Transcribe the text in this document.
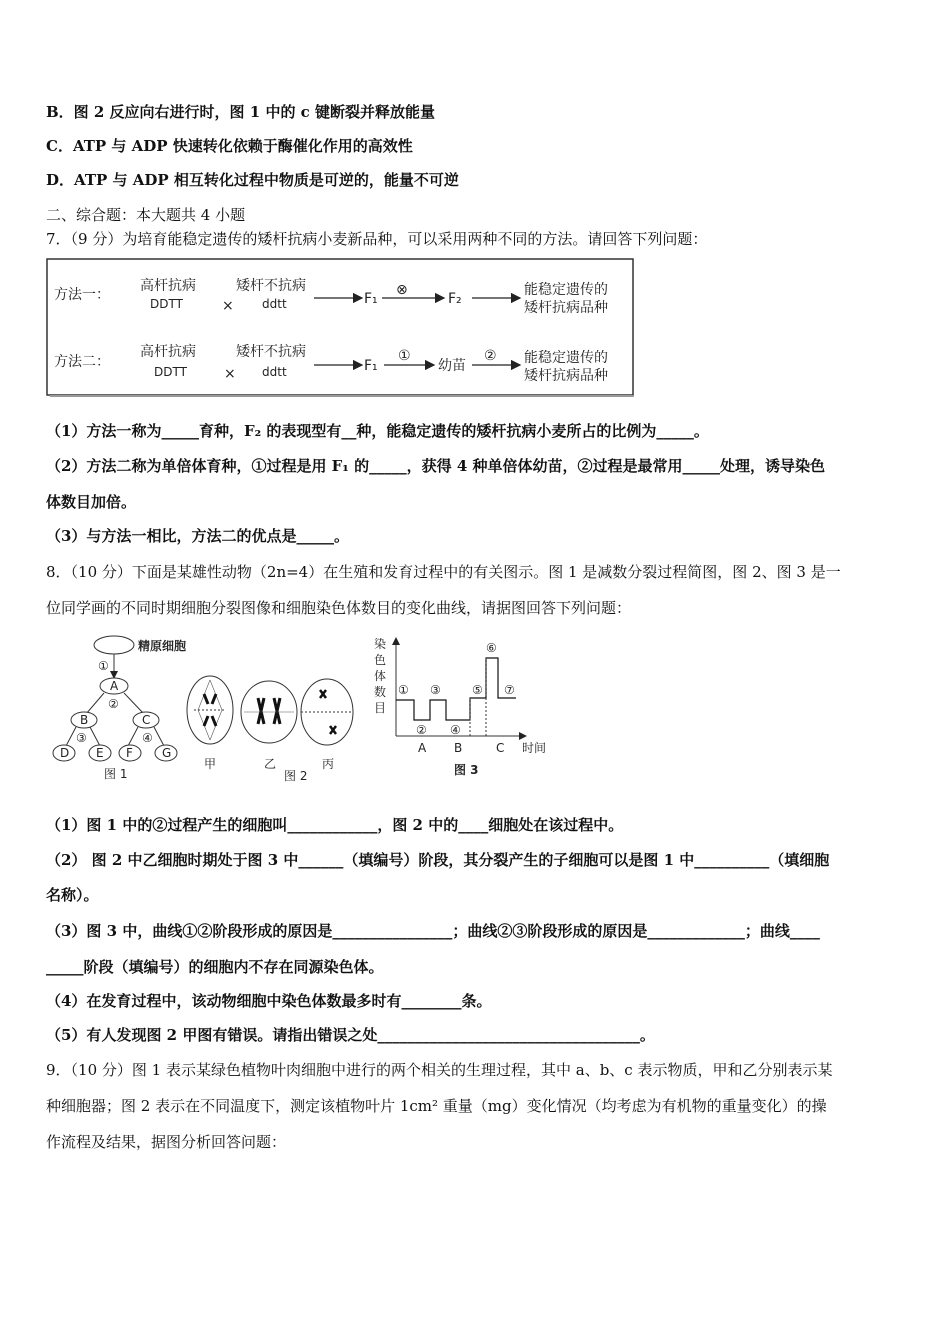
B．图 2 反应向右进行时，图 1 中的 c 键断裂并释放能量
C．ATP 与 ADP 快速转化依赖于酶催化作用的高效性
D．ATP 与 ADP 相互转化过程中物质是可逆的，能量不可逆
二、综合题：本大题共 4 小题
7．（9 分）为培育能稳定遗传的矮杆抗病小麦新品种，可以采用两种不同的方法。请回答下列问题：
方法一：
高杆抗病
DDTT	×
矮杆不抗病
ddtt	F₁
⊗
F₂
能稳定遗传的
矮杆抗病品种
方法二：
高杆抗病
DDTT	×
矮杆不抗病
ddtt	F₁
①
幼苗
② 能稳定遗传的
矮杆抗病品种
（1）方法一称为_____育种，F₂ 的表现型有__种，能稳定遗传的矮杆抗病小麦所占的比例为_____。
（2）方法二称为单倍体育种，①过程是用 F₁ 的_____，获得 4 种单倍体幼苗，②过程是最常用_____处理，诱导染色
体数目加倍。
（3）与方法一相比，方法二的优点是_____。
8．（10 分）下面是某雄性动物（2n=4）在生殖和发育过程中的有关图示。图 1 是减数分裂过程简图，图 2、图 3 是一
位同学画的不同时期细胞分裂图像和细胞染色体数目的变化曲线，请据图回答下列问题：
精原细胞
①
A
②
B	C
③	④
D E F G
图 1
甲	乙
图 2
丙
染
色
体
数
目
①
②
③
④
⑤
⑥
⑦
A B	C 时间
图 3
（1）图 1 中的②过程产生的细胞叫____________，图 2 中的____细胞处在该过程中。
（2） 图 2 中乙细胞时期处于图 3 中______（填编号）阶段，其分裂产生的子细胞可以是图 1 中__________（填细胞
名称）。
（3）图 3 中，曲线①②阶段形成的原因是________________；曲线②③阶段形成的原因是_____________；曲线____
_____阶段（填编号）的细胞内不存在同源染色体。
（4）在发育过程中，该动物细胞中染色体数最多时有________条。
（5）有人发现图 2 甲图有错误。请指出错误之处___________________________________。
9．（10 分）图 1 表示某绿色植物叶肉细胞中进行的两个相关的生理过程，其中 a、b、c 表示物质，甲和乙分别表示某
种细胞器；图 2 表示在不同温度下，测定该植物叶片 1cm² 重量（mg）变化情况（均考虑为有机物的重量变化）的操
作流程及结果，据图分析回答问题：
